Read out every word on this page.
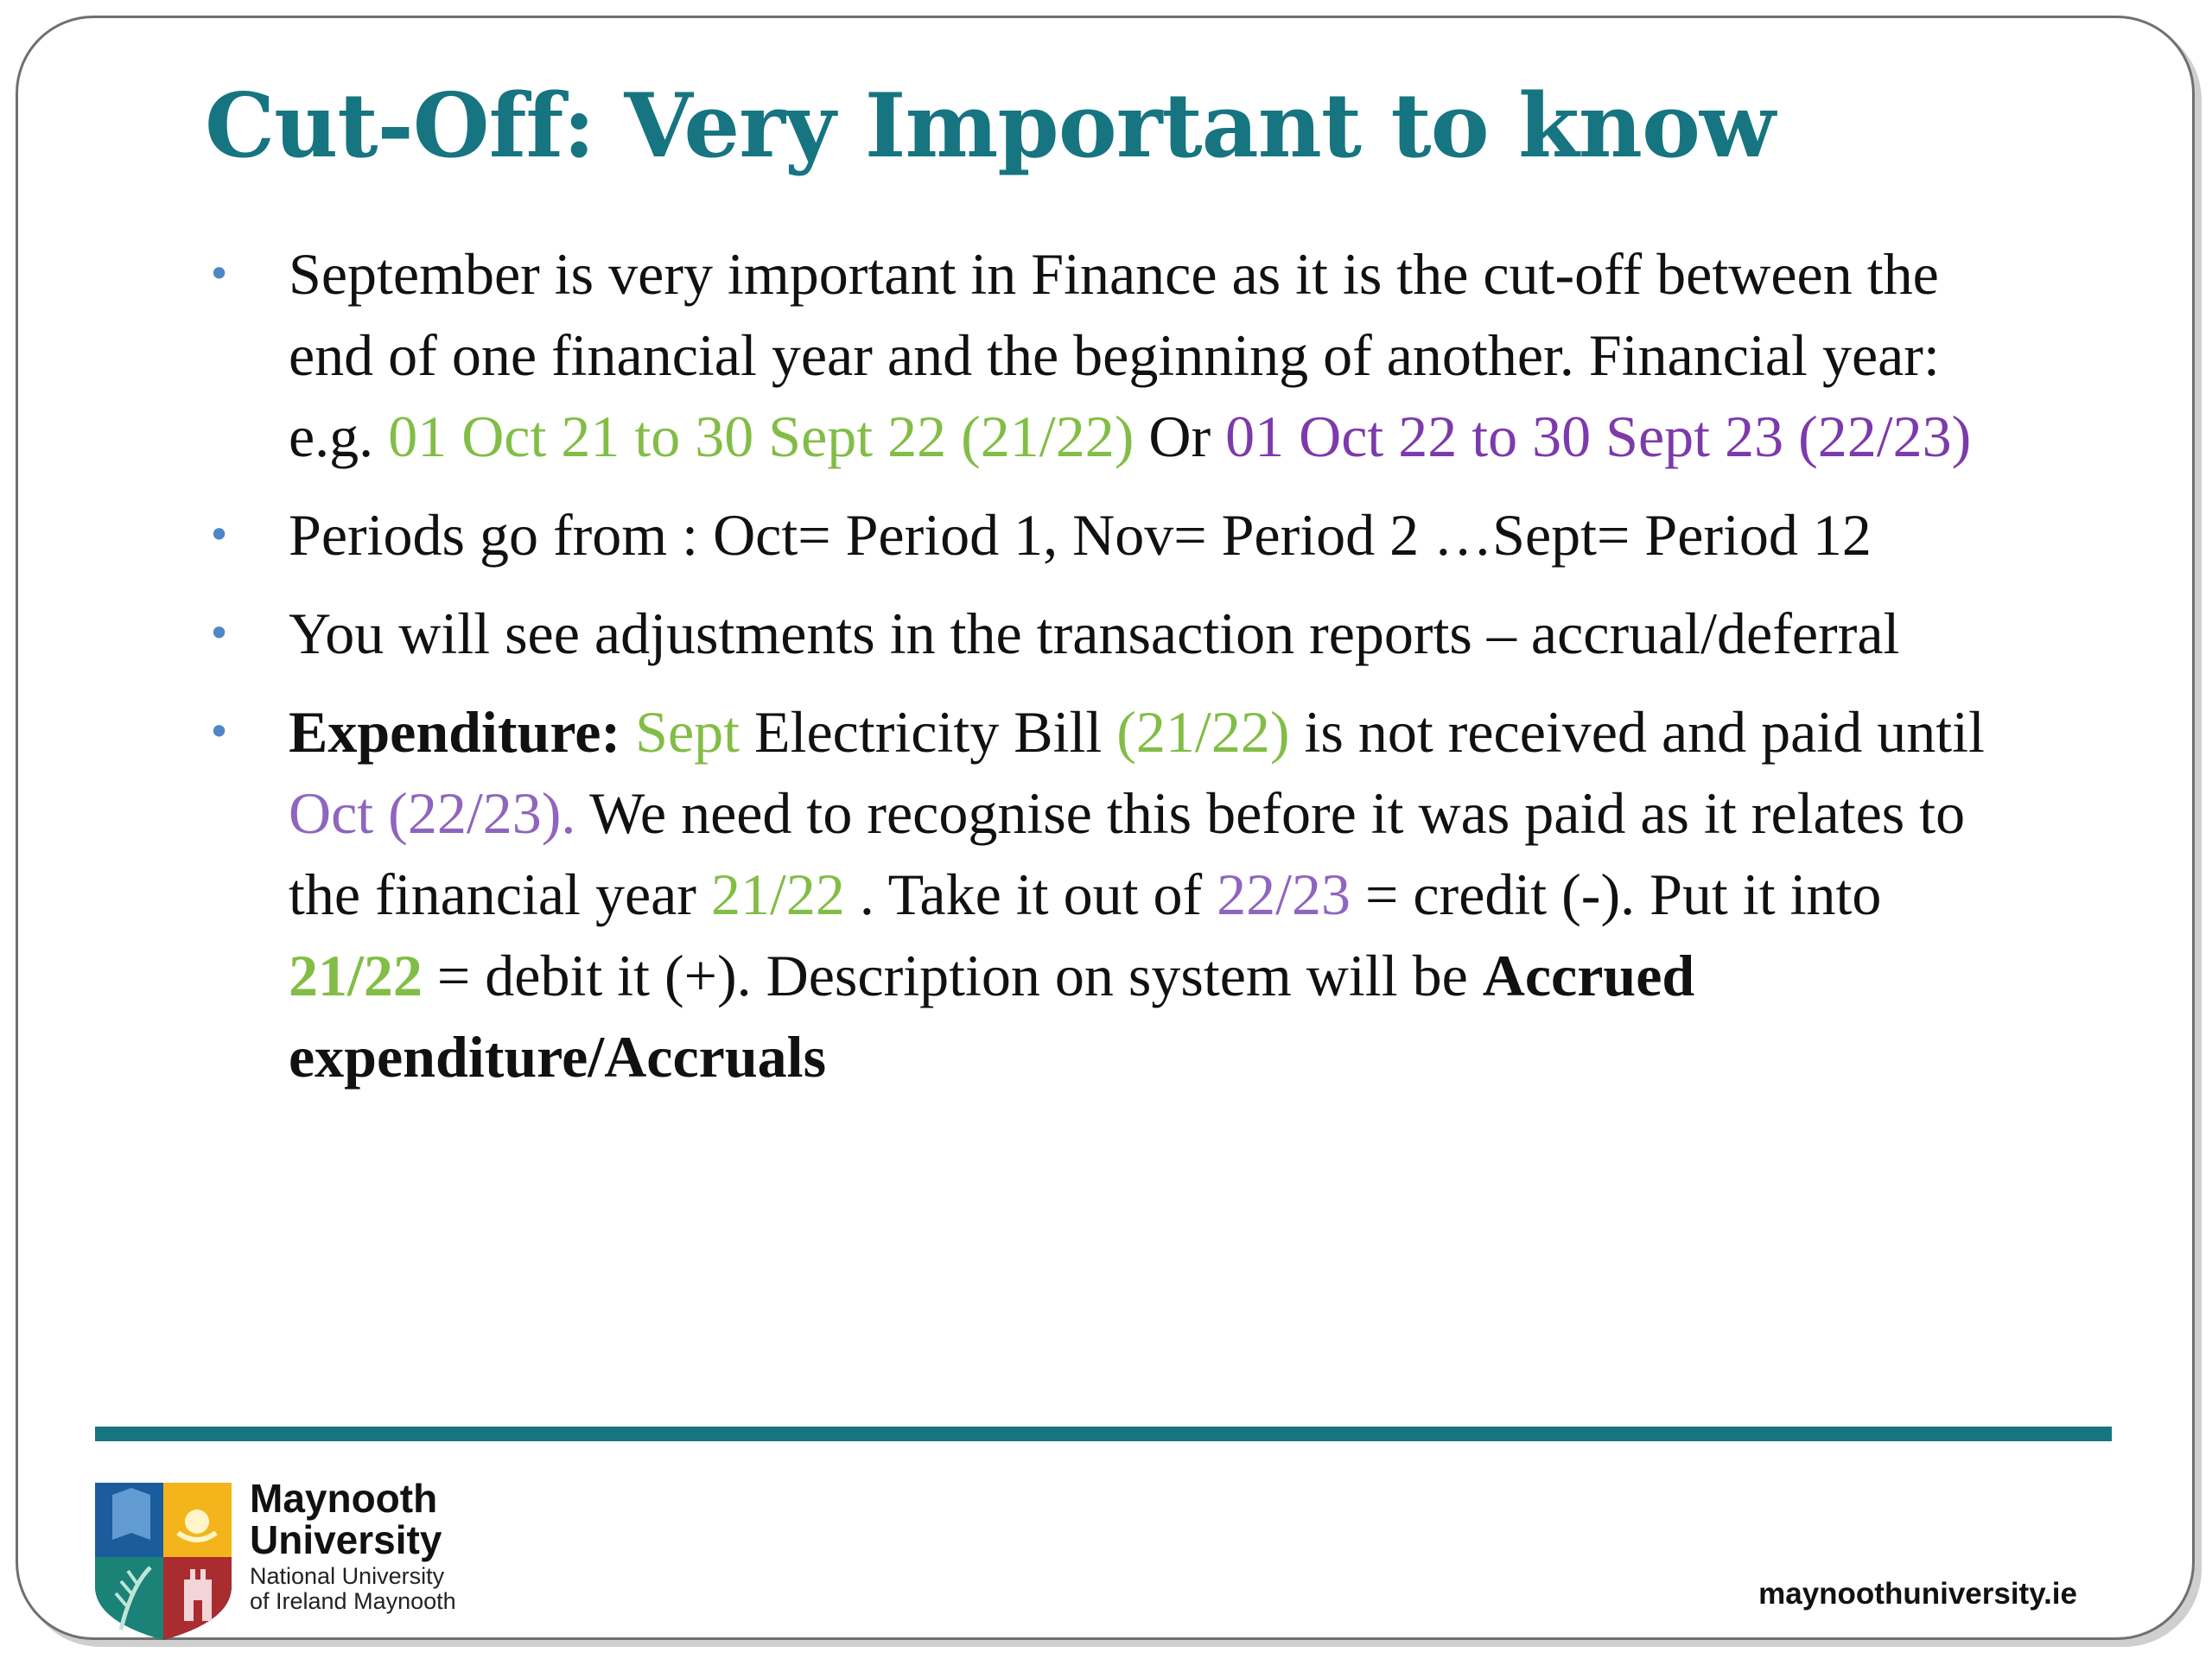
Cut-Off: Very Important to know
• September is very important in Finance as it is the cut-off between the end of one financial year and the beginning of another. Financial year: e.g. 01 Oct 21 to 30 Sept 22 (21/22) Or 01 Oct 22 to 30 Sept 23 (22/23)
• Periods go from : Oct= Period 1, Nov= Period 2 …Sept= Period 12
• You will see adjustments in the transaction reports – accrual/deferral
• Expenditure: Sept Electricity Bill (21/22) is not received and paid until Oct (22/23). We need to recognise this before it was paid as it relates to the financial year 21/22 . Take it out of 22/23 = credit (-). Put it into 21/22 = debit it (+). Description on system will be Accrued expenditure/Accruals
Maynooth
University
National University
of Ireland Maynooth	maynoothuniversity.ie
